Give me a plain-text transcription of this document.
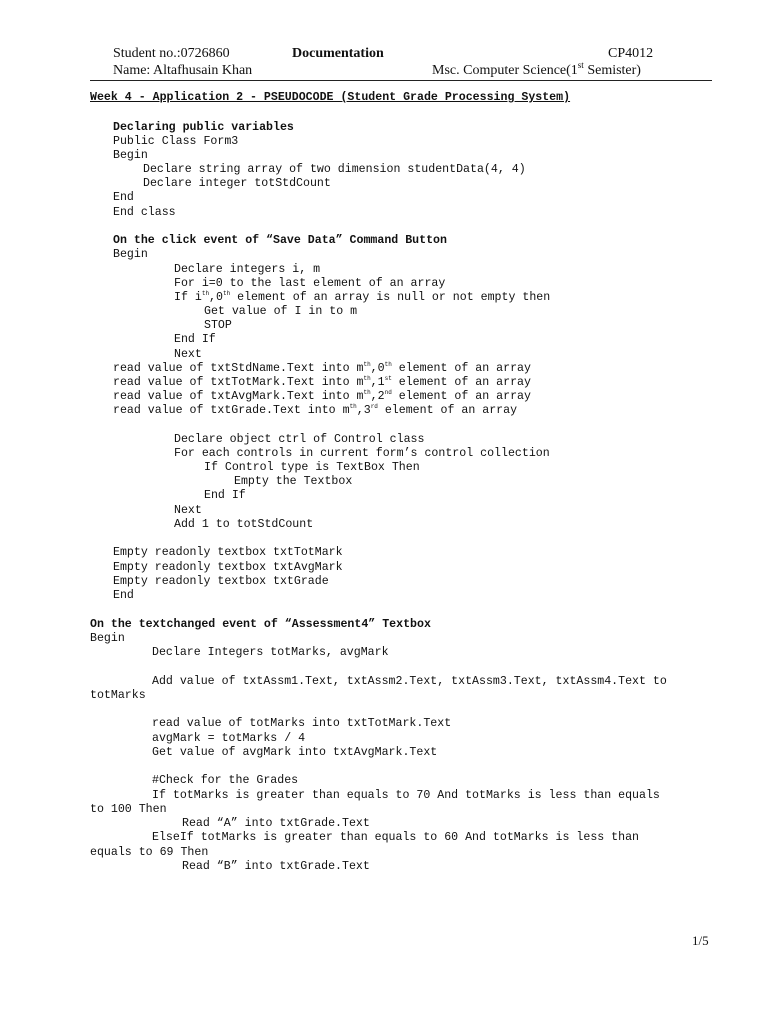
Student no.:0726860	Documentation	CP4012
Name: Altafhusain Khan	Msc. Computer Science(1st Semister)
Week 4 - Application 2 - PSEUDOCODE (Student Grade Processing System)

Declaring public variables

Public Class Form3

Begin

Declare string array of two dimension studentData(4, 4)

Declare integer totStdCount

End

End class

On the click event of “Save Data” Command Button

Begin

Declare integers i, m

For i=0 to the last element of an array

If $i^{th},0th$ element of an array is null or not empty then

Get value of I in to m

STOP

End If

Next

read value of txtStdName.Text into $m^{th},0th$ element of an array

read value of txtTotMark.Text into $m^{th},1st$ element of an array

read value of txtAvgMark.Text into $m^{th},2nd$ element of an array

read value of txtGrade.Text into $m^{th},3rd$ element of an array

Declare object ctrl of Control class

For each controls in current form’s control collection

If Control type is TextBox Then

Empty the Textbox

End If

Next

Add 1 to totStdCount

Empty readonly textbox txtTotMark

Empty readonly textbox txtAvgMark

Empty readonly textbox txtGrade

End

On the textchanged event of “Assessment4” Textbox

Begin

Declare Integers totMarks, avgMark

Add value of txtAssm1.Text, txtAssm2.Text, txtAssm3.Text, txtAssm4.Text to

totMarks

read value of totMarks into txtTotMark.Text

avgMark = totMarks / 4

Get value of avgMark into txtAvgMark.Text

#Check for the Grades

If totMarks is greater than equals to 70 And totMarks is less than equals

to 100 Then

Read “A” into txtGrade.Text

ElseIf totMarks is greater than equals to 60 And totMarks is less than

equals to 69 Then

Read “B” into txtGrade.Text

1/5
